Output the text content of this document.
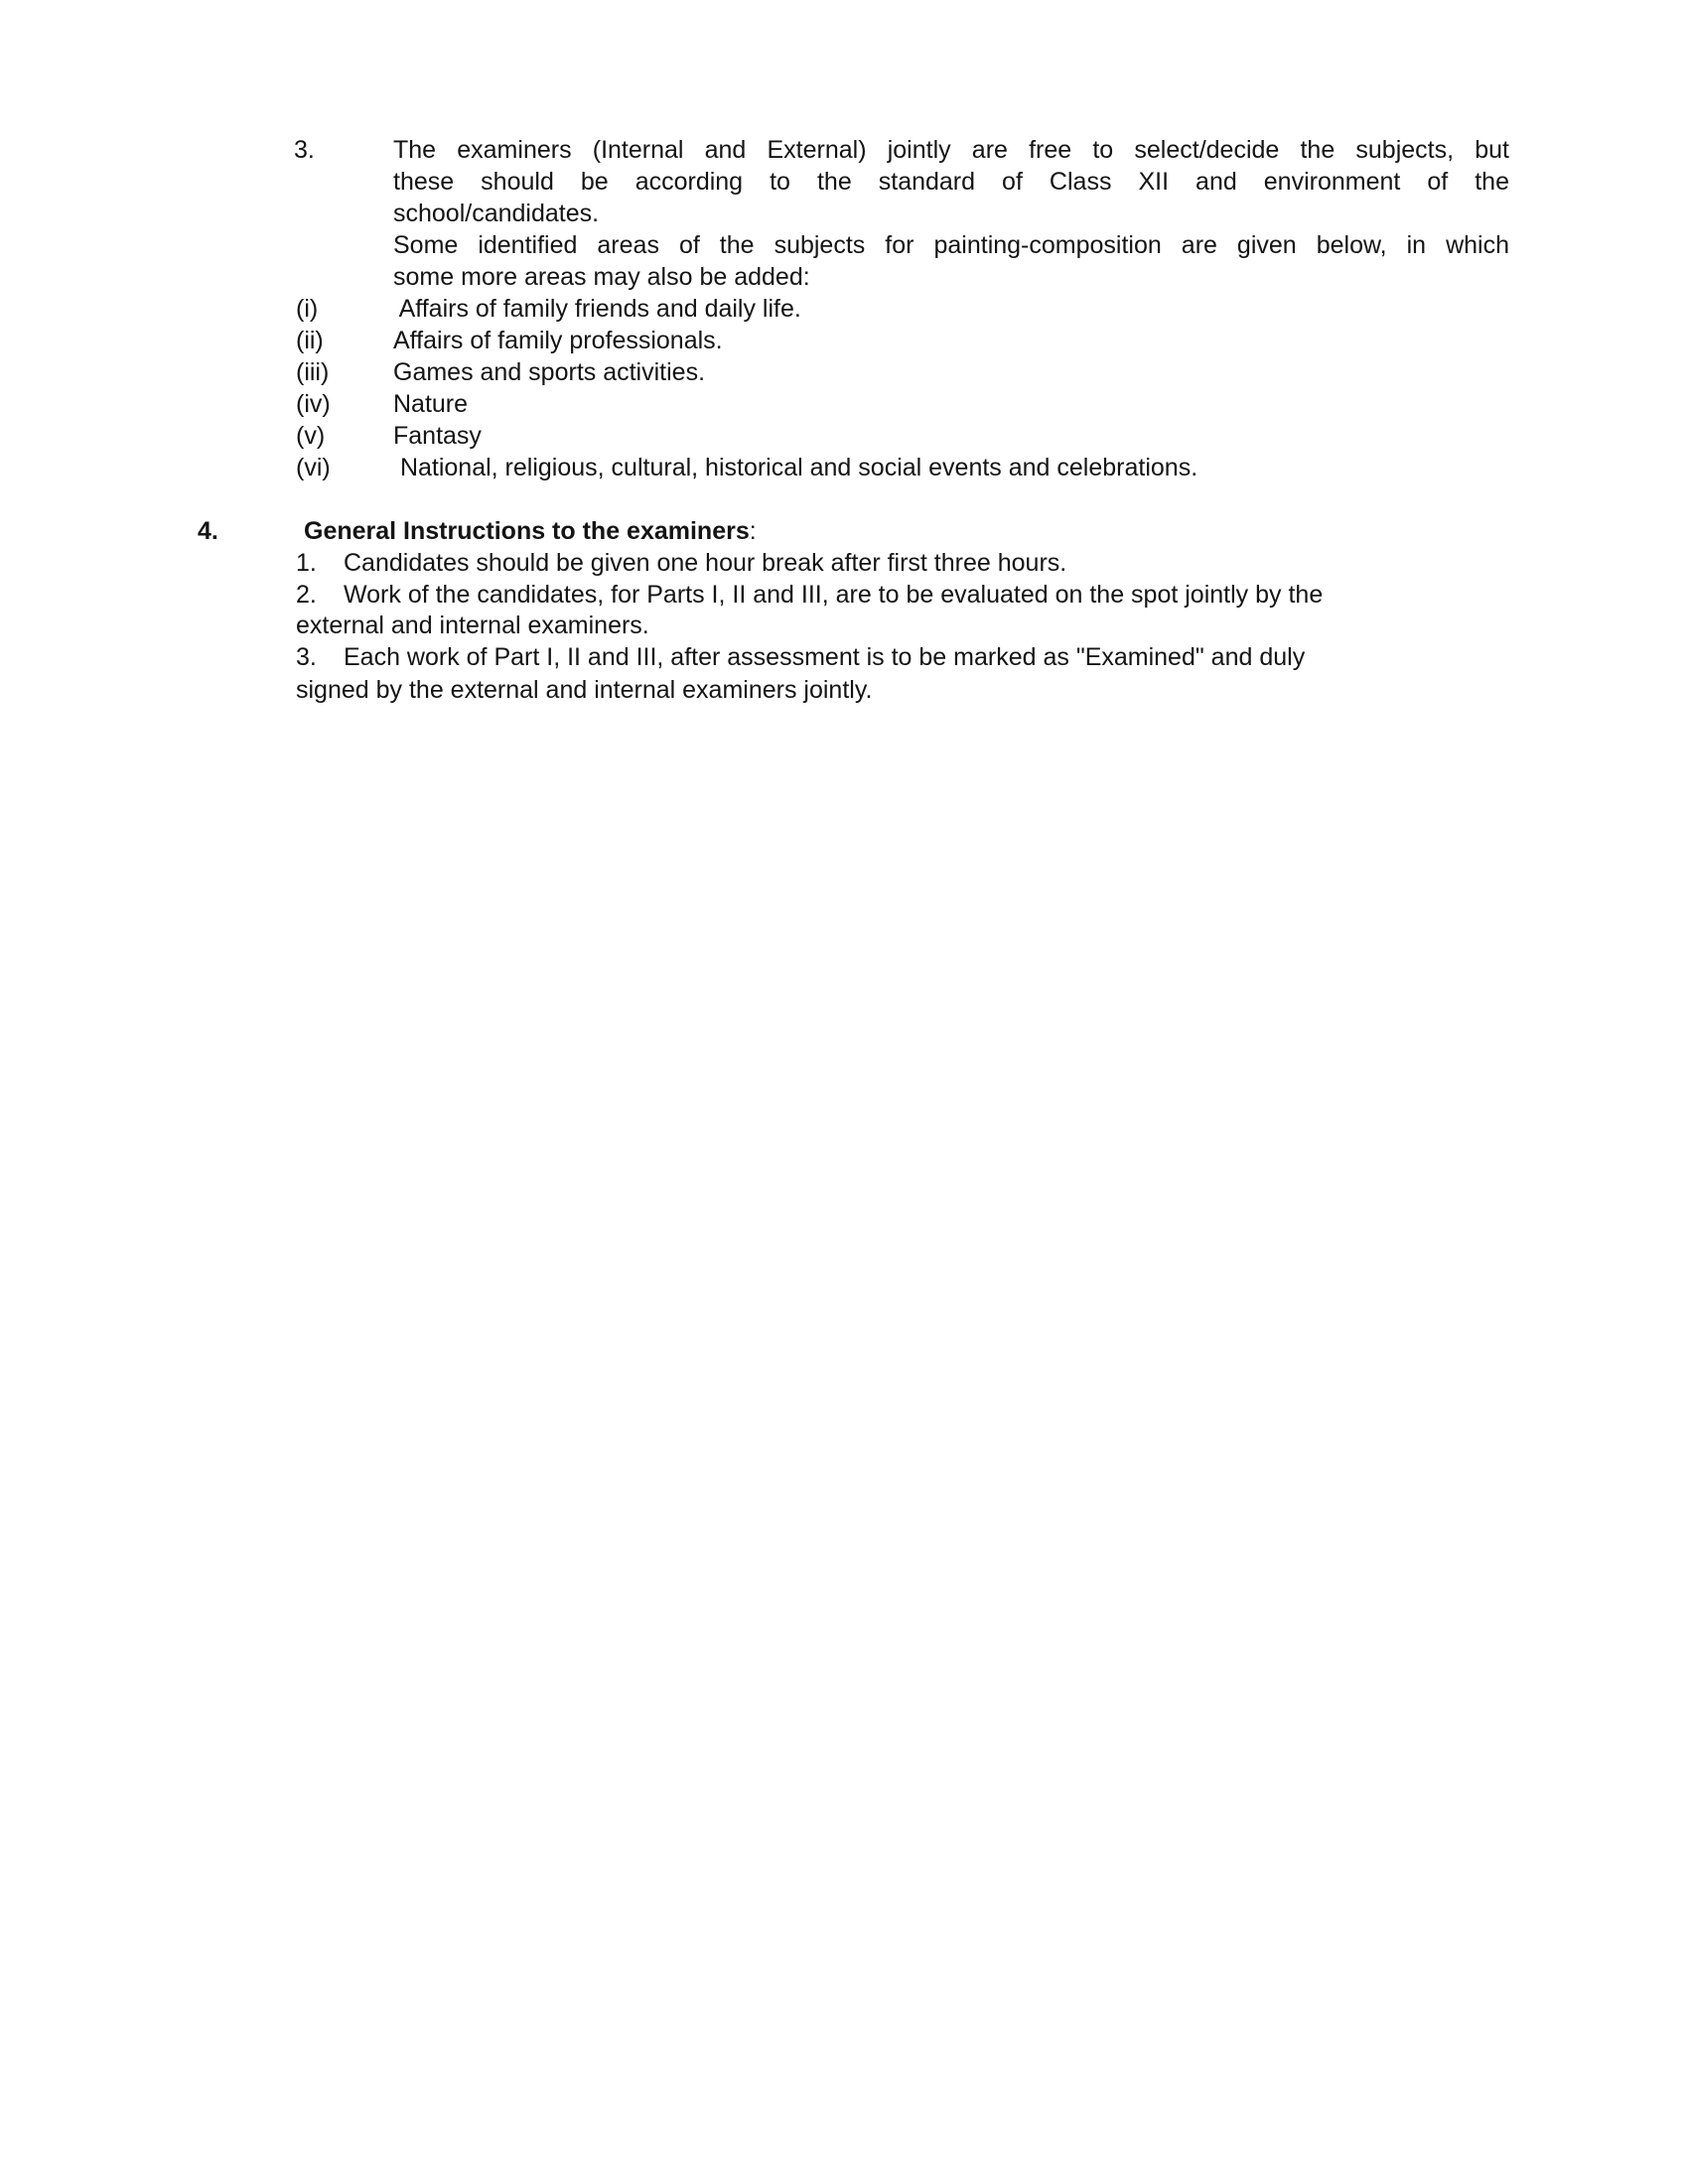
3.	The examiners (Internal and External) jointly are free to select/decide the subjects, but
these should be according to the standard of Class XII and environment of the
school/candidates.
Some identified areas of the subjects for painting-composition are given below, in which
some more areas may also be added:
(i)	Affairs of family friends and daily life.
(ii)	Affairs of family professionals.
(iii)	Games and sports activities.
(iv)	Nature
(v)	Fantasy
(vi)	National, religious, cultural, historical and social events and celebrations.
4.	General Instructions to the examiners:
1. Candidates should be given one hour break after first three hours.
2. Work of the candidates, for Parts I, II and III, are to be evaluated on the spot jointly by the
external and internal examiners.
3. Each work of Part I, II and III, after assessment is to be marked as "Examined" and duly
signed by the external and internal examiners jointly.
